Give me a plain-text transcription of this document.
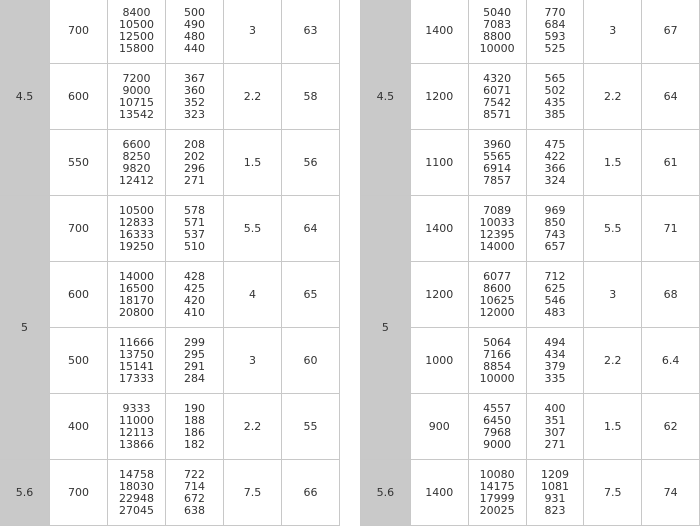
4.5	700	8400
10500
12500
15800	500
490
480
440	3	63
	600	7200
9000
10715
13542	367
360
352
323	2.2	58
	550	6600
8250
9820
12412	208
202
296
271	1.5	56
5	700	10500
12833
16333
19250	578
571
537
510	5.5	64
	600	14000
16500
18170
20800	428
425
420
410	4	65
	500	11666
13750
15141
17333	299
295
291
284	3	60
	400	9333
11000
12113
13866	190
188
186
182	2.2	55
5.6	700	14758
18030
22948
27045	722
714
672
638	7.5	66
4.5	1400	5040
7083
8800
10000	770
684
593
525	3	67
	1200	4320
6071
7542
8571	565
502
435
385	2.2	64
	1100	3960
5565
6914
7857	475
422
366
324	1.5	61
5	1400	7089
10033
12395
14000	969
850
743
657	5.5	71
	1200	6077
8600
10625
12000	712
625
546
483	3	68
	1000	5064
7166
8854
10000	494
434
379
335	2.2	6.4
	900	4557
6450
7968
9000	400
351
307
271	1.5	62
5.6	1400	10080
14175
17999
20025	1209
1081
931
823	7.5	74
